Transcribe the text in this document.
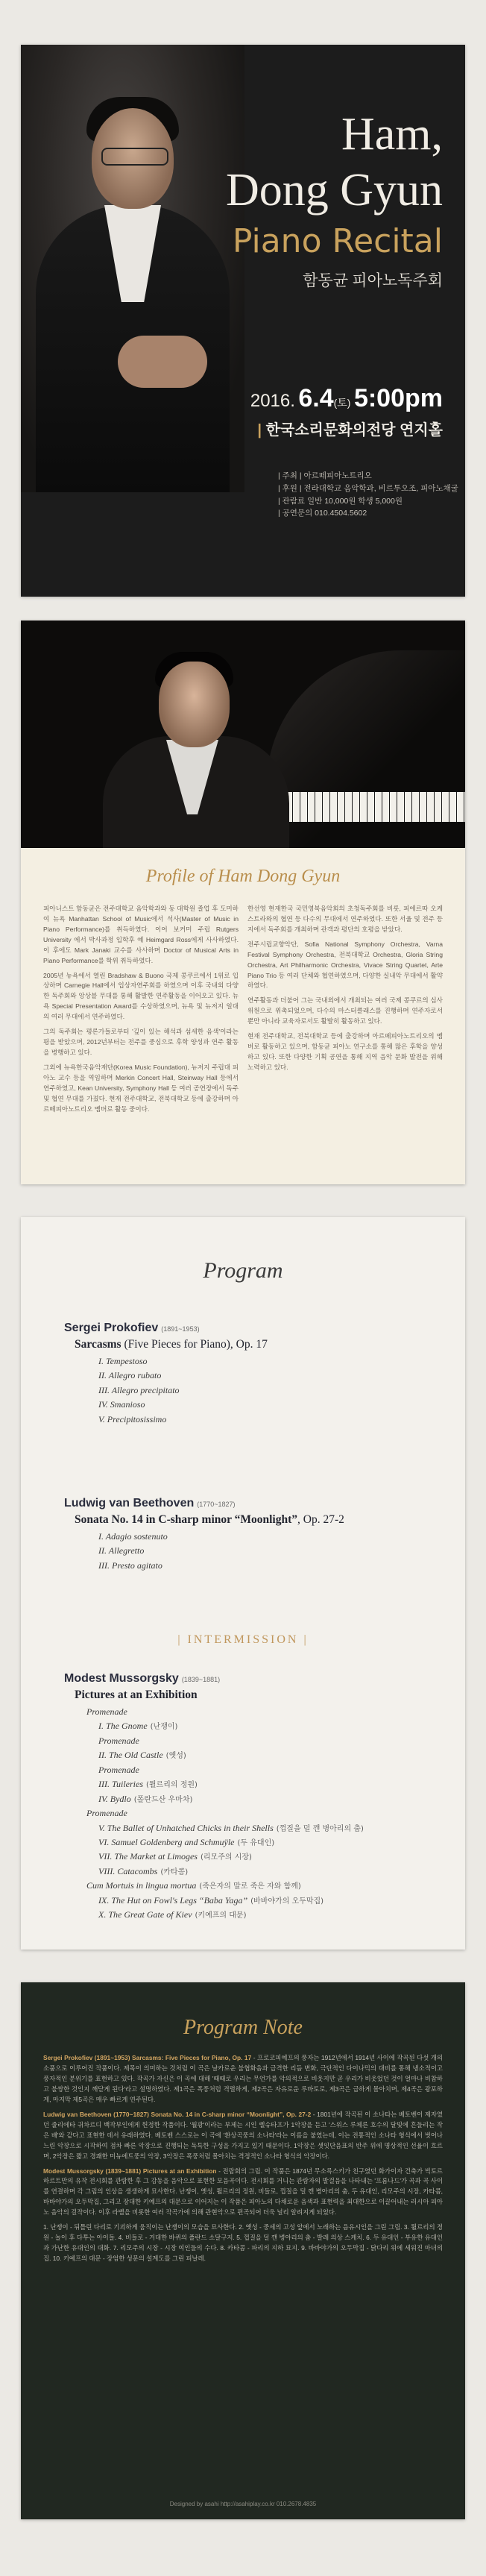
Ham,
Dong Gyun
Piano Recital
함동균 피아노독주회
2016. 6.4(토) 5:00pm
| 한국소리문화의전당 연지홀
| 주최 | 아르떼피아노트리오
| 후원 | 전라대학교 음악학과, 비르투오조, 피아노채굴
| 관람료 일반 10,000원 학생 5,000원
| 공연문의 010.4504.5602
Profile of Ham Dong Gyun

피아니스트 함동균은 전주대학교 음악학과와 동 대학원 졸업 후 도미하여 뉴욕 Manhattan School of Music에서 석사(Master of Music in Piano Performance)를 취득하였다. 이어 보커미 주립 Rutgers University 에서 박사과정 입학후 예 Heimgard Ross에게 사사하였다. 이 후에도 Mark Janaki 교수를 사사하며 Doctor of Musical Arts in Piano Performance를 학위 취득하였다.

2005년 뉴욕에서 열린 Bradshaw & Buono 국제 콩쿠르에서 1위로 입상하며 Carnegie Hall에서 입상자연주회를 하였으며 이후 국내외 다양한 독주회와 앙상블 무대를 통해 활발한 연주활동을 이어오고 있다. 뉴욕 Special Presentation Award를 수상하였으며, 뉴욕 및 뉴저지 일대의 여러 무대에서 연주하였다.

그의 독주회는 평론가들로부터 '깊이 있는 해석과 섬세한 음색'이라는 평을 받았으며, 2012년부터는 전주를 중심으로 후학 양성과 연주 활동을 병행하고 있다.

그외에 뉴욕한국음악재단(Korea Music Foundation), 뉴저지 주립대 피아노 교수 등을 역임하며 Merkin Concert Hall, Steinway Hall 등에서 연주하였고, Kean University, Symphony Hall 등 여러 공연장에서 독주 및 협연 무대를 가졌다. 현재 전주대학교, 전북대학교 등에 출강하며 아르떼피아노트리오 멤버로 활동 중이다.

한선영 현재한국 국민영북음악회의 초청독주회를 비롯, 피에르따 오케스트라와의 협연 등 다수의 무대에서 연주하였다. 또한 서울 및 전주 등지에서 독주회를 개최하며 관객과 평단의 호평을 받았다.

전주시립교향악단, Sofia National Symphony Orchestra, Varna Festival Symphony Orchestra, 전북대학교 Orchestra, Gloria String Orchestra, Art Philharmonic Orchestra, Vivace String Quartet, Arte Piano Trio 등 여러 단체와 협연하였으며, 다양한 실내악 무대에서 활약하였다.

연주활동과 더불어 그는 국내외에서 개최되는 여러 국제 콩쿠르의 심사위원으로 위촉되었으며, 다수의 마스터클래스를 진행하며 연주자로서 뿐만 아니라 교육자로서도 활발히 활동하고 있다.

현재 전주대학교, 전북대학교 등에 출강하며 아르떼피아노트리오의 멤버로 활동하고 있으며, 함동균 피아노 연구소를 통해 많은 후학을 양성하고 있다. 또한 다양한 기획 공연을 통해 지역 음악 문화 발전을 위해 노력하고 있다.

Program
Sergei Prokofiev (1891~1953)
Sarcasms (Five Pieces for Piano), Op. 17
I. Tempestoso
II. Allegro rubato
III. Allegro precipitato
IV. Smanioso
V. Precipitosissimo
Ludwig van Beethoven (1770~1827)
Sonata No. 14 in C-sharp minor “Moonlight”, Op. 27-2
I. Adagio sostenuto
II. Allegretto
III. Presto agitato
| INTERMISSION |
Modest Mussorgsky (1839~1881)
Pictures at an Exhibition
Promenade
I. The Gnome (난쟁이)
Promenade
II. The Old Castle (옛성)
Promenade
III. Tuileries (튈르리의 정원)
IV. Bydlo (폴란드산 우마차)
Promenade
V. The Ballet of Unhatched Chicks in their Shells (껍질을 덜 깬 병아리의 춤)
VI. Samuel Goldenberg and Schmuÿle (두 유대인)
VII. The Market at Limoges (리모주의 시장)
VIII. Catacombs (카타콤)
Cum Mortuis in lingua mortua (죽은자의 말로 죽은 자와 함께)
IX. The Hut on Fowl's Legs “Baba Yaga” (바바야가의 오두막집)
X. The Great Gate of Kiev (키예프의 대문)
Program Note

Sergei Prokofiev (1891~1953) Sarcasms: Five Pieces for Piano, Op. 17 - 프로코피예프의 풍자는 1912년에서 1914년 사이에 작곡된 다섯 개의 소품으로 이루어진 작품이다. 제목이 의미하는 것처럼 이 곡은 날카로운 불협화음과 급격한 리듬 변화, 극단적인 다이나믹의 대비를 통해 냉소적이고 풍자적인 분위기를 표현하고 있다. 작곡가 자신은 이 곡에 대해 '때때로 우리는 무언가를 악의적으로 비웃지만 곧 우리가 비웃었던 것이 얼마나 비참하고 불쌍한 것인지 깨닫게 된다'라고 설명하였다. 제1곡은 폭풍처럼 격렬하게, 제2곡은 자유로운 루바토로, 제3곡은 급하게 몰아치며, 제4곡은 광포하게, 마지막 제5곡은 매우 빠르게 연주된다.

Ludwig van Beethoven (1770~1827) Sonata No. 14 in C-sharp minor “Moonlight”, Op. 27-2 - 1801년에 작곡된 이 소나타는 베토벤이 제자였던 줄리에타 귀차르디 백작부인에게 헌정한 작품이다. '월광'이라는 부제는 시인 렐슈타프가 1악장을 듣고 '스위스 루체른 호수의 달빛에 흔들리는 작은 배'와 같다고 표현한 데서 유래하였다. 베토벤 스스로는 이 곡에 '환상곡풍의 소나타'라는 이름을 붙였는데, 이는 전통적인 소나타 형식에서 벗어나 느린 악장으로 시작하여 점차 빠른 악장으로 진행되는 독특한 구성을 가지고 있기 때문이다. 1악장은 셋잇단음표의 반주 위에 명상적인 선율이 흐르며, 2악장은 짧고 경쾌한 미뉴에트풍의 악장, 3악장은 폭풍처럼 몰아치는 격정적인 소나타 형식의 악장이다.

Modest Mussorgsky (1839~1881) Pictures at an Exhibition - 전람회의 그림. 이 작품은 1874년 무소륵스키가 친구였던 화가이자 건축가 빅토르 하르트만의 유작 전시회를 관람한 후 그 감동을 음악으로 표현한 모음곡이다. 전시회를 거니는 관람자의 발걸음을 나타내는 '프롬나드'가 곡과 곡 사이를 연결하며 각 그림의 인상을 생생하게 묘사한다. 난쟁이, 옛성, 튈르리의 정원, 비들로, 껍질을 덜 깬 병아리의 춤, 두 유대인, 리모주의 시장, 카타콤, 바바야가의 오두막집, 그리고 장대한 키예프의 대문으로 이어지는 이 작품은 피아노의 다채로운 음색과 표현력을 최대한으로 이끌어내는 러시아 피아노 음악의 걸작이다. 이후 라벨을 비롯한 여러 작곡가에 의해 관현악으로 편곡되어 더욱 널리 알려지게 되었다.

1. 난쟁이 - 뒤틀린 다리로 기괴하게 움직이는 난쟁이의 모습을 묘사한다. 2. 옛성 - 중세의 고성 앞에서 노래하는 음유시인을 그린 그림. 3. 튈르리의 정원 - 놀이 후 다투는 아이들. 4. 비들로 - 거대한 바퀴의 폴란드 소달구지. 5. 껍질을 덜 깬 병아리의 춤 - 발레 의상 스케치. 6. 두 유대인 - 부유한 유대인과 가난한 유대인의 대화. 7. 리모주의 시장 - 시장 여인들의 수다. 8. 카타콤 - 파리의 지하 묘지. 9. 바바야가의 오두막집 - 닭다리 위에 세워진 마녀의 집. 10. 키예프의 대문 - 장엄한 성문의 설계도를 그린 피날레.

Designed by asahi http://asahiplay.co.kr 010.2678.4835
